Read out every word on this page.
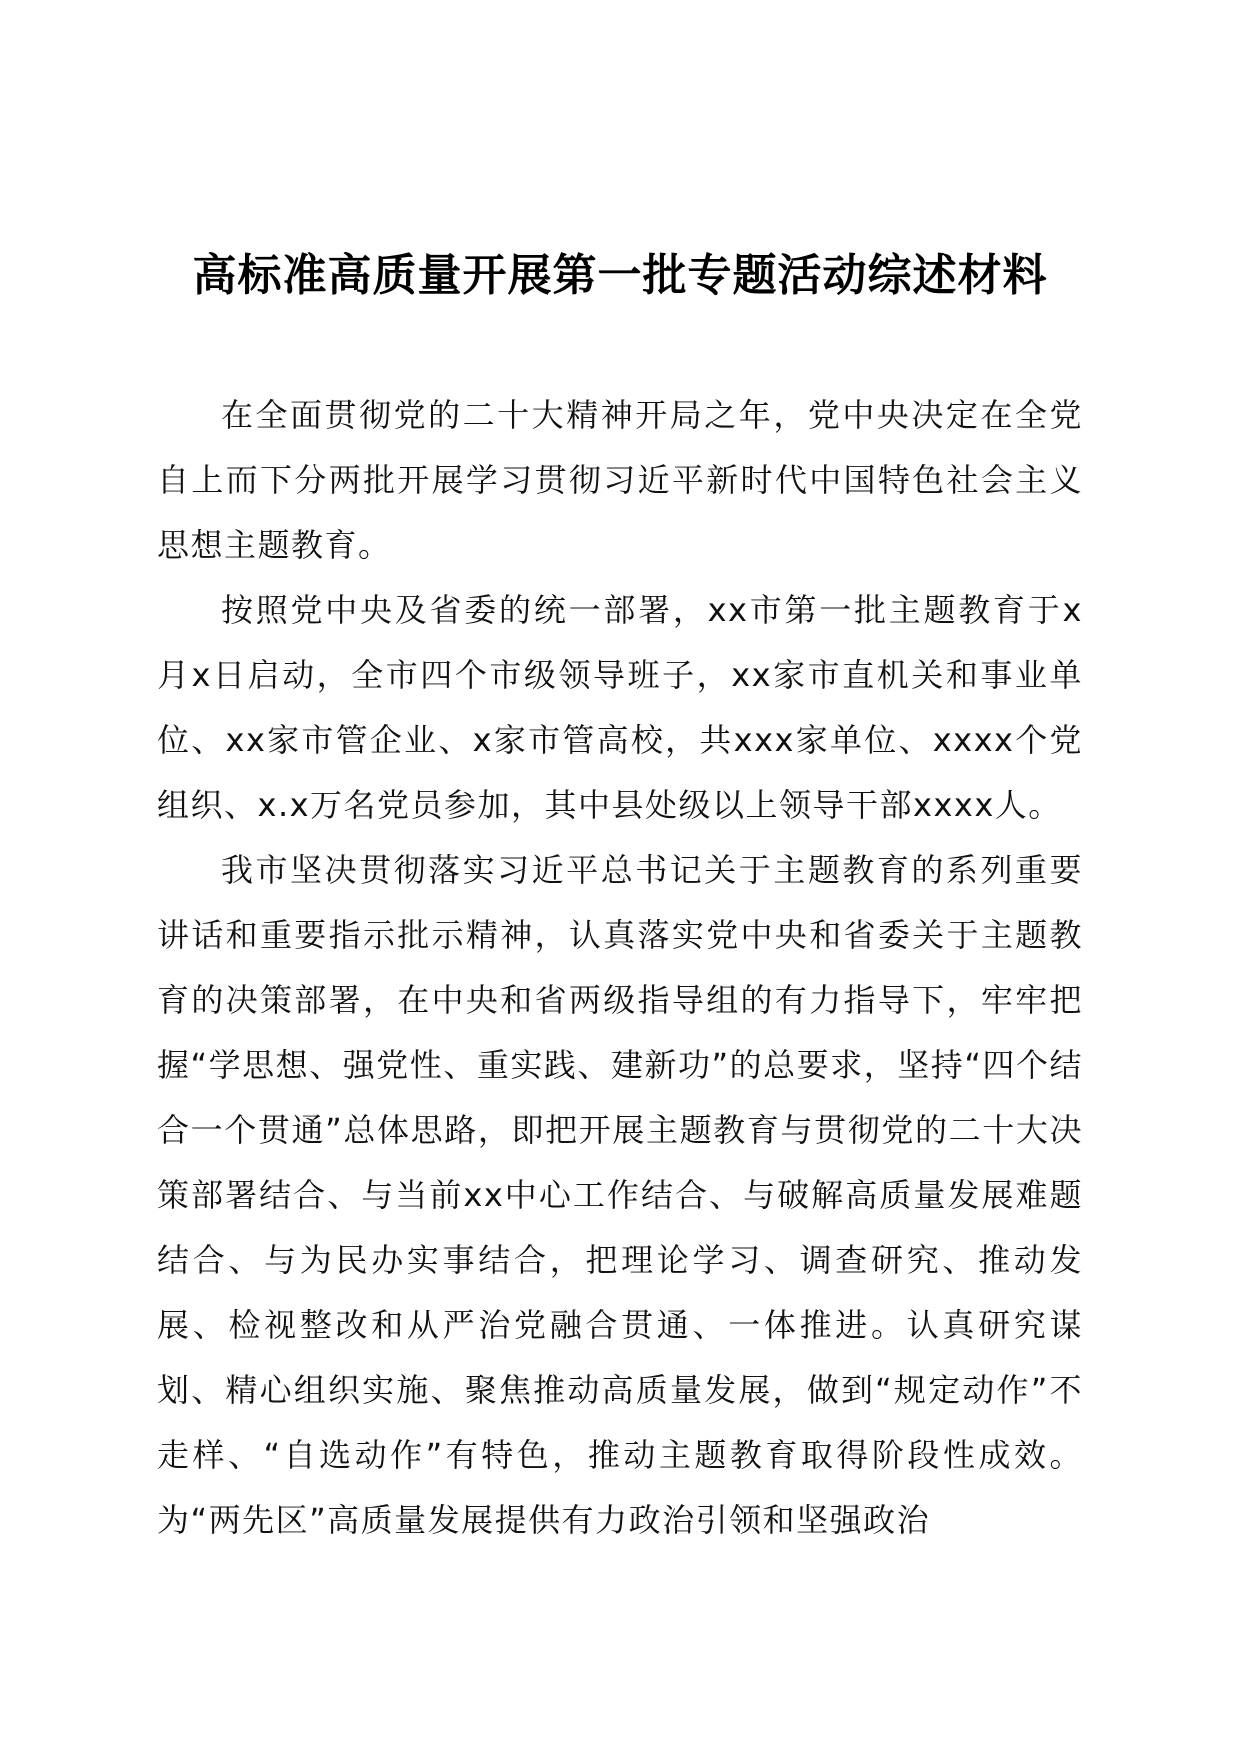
高标准高质量开展第一批专题活动综述材料

在全面贯彻党的二十大精神开局之年，党中央决定在全党自上而下分两批开展学习贯彻习近平新时代中国特色社会主义思想主题教育。

按照党中央及省委的统一部署，xx市第一批主题教育于x月x日启动，全市四个市级领导班子，xx家市直机关和事业单位、xx家市管企业、x家市管高校，共xxx家单位、xxxx个党组织、x.x万名党员参加，其中县处级以上领导干部xxxx人。

我市坚决贯彻落实习近平总书记关于主题教育的系列重要讲话和重要指示批示精神，认真落实党中央和省委关于主题教育的决策部署，在中央和省两级指导组的有力指导下，牢牢把握“学思想、强党性、重实践、建新功”的总要求，坚持“四个结合一个贯通”总体思路，即把开展主题教育与贯彻党的二十大决策部署结合、与当前xx中心工作结合、与破解高质量发展难题结合、与为民办实事结合，把理论学习、调查研究、推动发展、检视整改和从严治党融合贯通、一体推进。认真研究谋划、精心组织实施、聚焦推动高质量发展，做到“规定动作”不走样、“自选动作”有特色，推动主题教育取得阶段性成效。为“两先区”高质量发展提供有力政治引领和坚强政治
